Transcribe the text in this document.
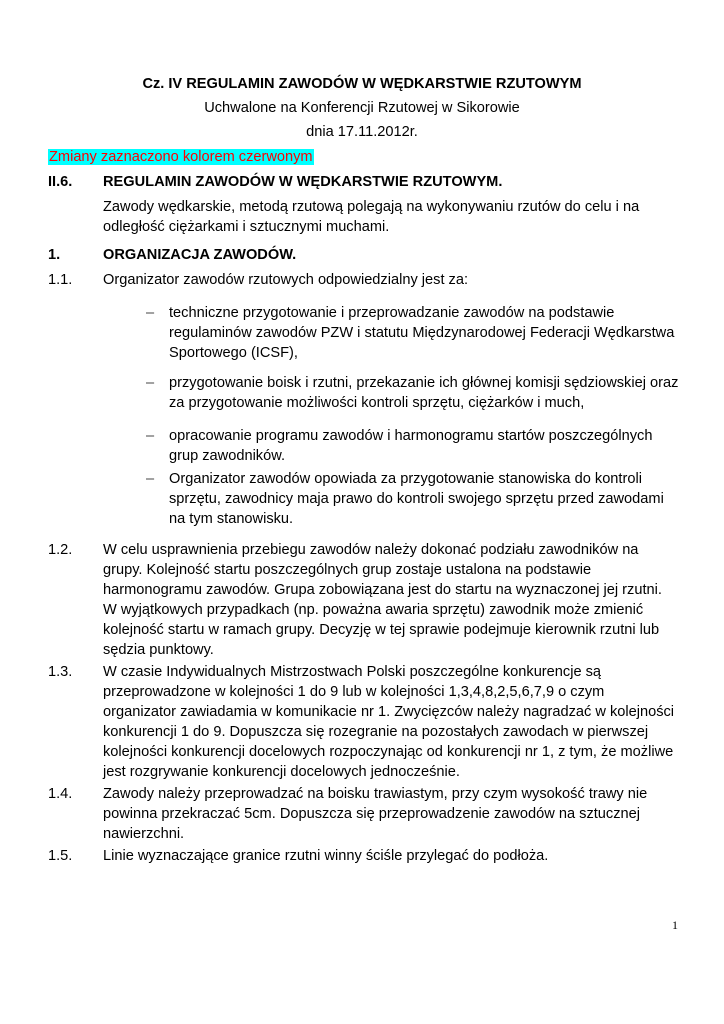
Cz. IV REGULAMIN ZAWODÓW W WĘDKARSTWIE RZUTOWYM
Uchwalone na Konferencji Rzutowej w Sikorowie
dnia 17.11.2012r.
Zmiany zaznaczono kolorem czerwonym
II.6. REGULAMIN ZAWODÓW W WĘDKARSTWIE RZUTOWYM.
Zawody wędkarskie, metodą rzutową polegają na wykonywaniu rzutów do celu i na
odległość ciężarkami i sztucznymi muchami.
1.	ORGANIZACJA ZAWODÓW.
1.1. Organizator zawodów rzutowych odpowiedzialny jest za:
– techniczne przygotowanie i przeprowadzanie zawodów na podstawie
regulaminów zawodów PZW i statutu Międzynarodowej Federacji Wędkarstwa
Sportowego (ICSF),
– przygotowanie boisk i rzutni, przekazanie ich głównej komisji sędziowskiej oraz
za przygotowanie możliwości kontroli sprzętu, ciężarków i much,
– opracowanie programu zawodów i harmonogramu startów poszczególnych
grup zawodników.
– Organizator zawodów opowiada za przygotowanie stanowiska do kontroli
sprzętu, zawodnicy maja prawo do kontroli swojego sprzętu przed zawodami
na tym stanowisku.
1.2. W celu usprawnienia przebiegu zawodów należy dokonać podziału zawodników na
grupy. Kolejność startu poszczególnych grup zostaje ustalona na podstawie
harmonogramu zawodów. Grupa zobowiązana jest do startu na wyznaczonej jej rzutni.
W wyjątkowych przypadkach (np. poważna awaria sprzętu) zawodnik może zmienić
kolejność startu w ramach grupy. Decyzję w tej sprawie podejmuje kierownik rzutni lub
sędzia punktowy.
1.3. W czasie Indywidualnych Mistrzostwach Polski poszczególne konkurencje są
przeprowadzone w kolejności 1 do 9 lub w kolejności 1,3,4,8,2,5,6,7,9 o czym
organizator zawiadamia w komunikacie nr 1. Zwycięzców należy nagradzać w kolejności
konkurencji 1 do 9. Dopuszcza się rozegranie na pozostałych zawodach w pierwszej
kolejności konkurencji docelowych rozpoczynając od konkurencji nr 1, z tym, że możliwe
jest rozgrywanie konkurencji docelowych jednocześnie.
1.4. Zawody należy przeprowadzać na boisku trawiastym, przy czym wysokość trawy nie
powinna przekraczać 5cm. Dopuszcza się przeprowadzenie zawodów na sztucznej
nawierzchni.
1.5. Linie wyznaczające granice rzutni winny ściśle przylegać do podłoża.
1
